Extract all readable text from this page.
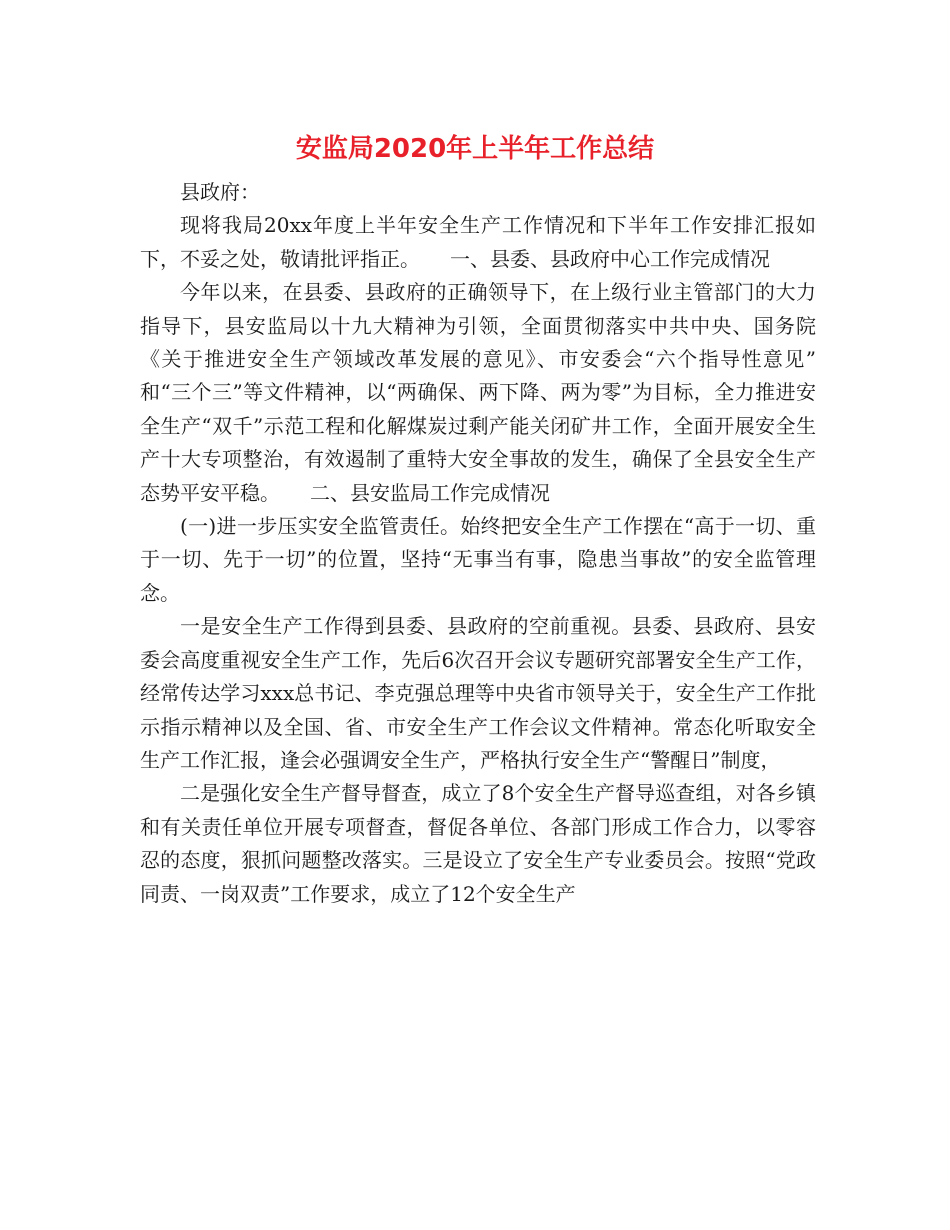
安监局2020年上半年工作总结

县政府：

现将我局20xx年度上半年安全生产工作情况和下半年工作安排汇报如下，不妥之处，敬请批评指正。　　一、县委、县政府中心工作完成情况

今年以来，在县委、县政府的正确领导下，在上级行业主管部门的大力指导下，县安监局以十九大精神为引领，全面贯彻落实中共中央、国务院《关于推进安全生产领域改革发展的意见》、市安委会“六个指导性意见”　和“三个三”等文件精神，以“两确保、两下降、两为零”为目标，全力推进安全生产“双千”示范工程和化解煤炭过剩产能关闭矿井工作，全面开展安全生产十大专项整治，有效遏制了重特大安全事故的发生，确保了全县安全生产态势平安平稳。　　二、县安监局工作完成情况

(一)进一步压实安全监管责任。始终把安全生产工作摆在“高于一切、重于一切、先于一切”的位置，坚持“无事当有事，隐患当事故”的安全监管理念。

一是安全生产工作得到县委、县政府的空前重视。县委、县政府、县安委会高度重视安全生产工作，先后6次召开会议专题研究部署安全生产工作，经常传达学习xxx总书记、李克强总理等中央省市领导关于，安全生产工作批示指示精神以及全国、省、市安全生产工作会议文件精神。常态化听取安全生产工作汇报，逢会必强调安全生产，严格执行安全生产“警醒日”制度，

二是强化安全生产督导督查，成立了8个安全生产督导巡查组，对各乡镇和有关责任单位开展专项督查，督促各单位、各部门形成工作合力，以零容忍的态度，狠抓问题整改落实。三是设立了安全生产专业委员会。按照“党政同责、一岗双责”工作要求，成立了12个安全生产
